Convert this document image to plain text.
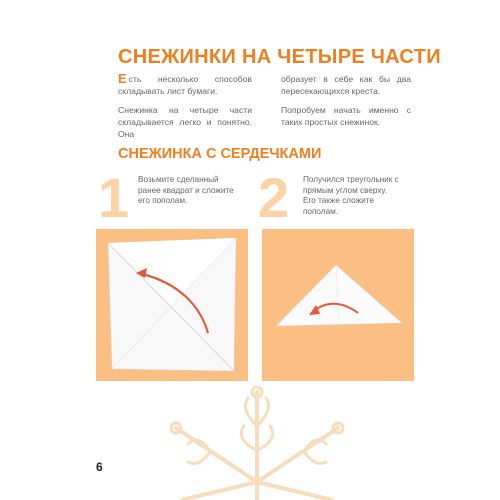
СНЕЖИНКИ НА ЧЕТЫРЕ ЧАСТИ

Есть несколько способов складывать лист бумаги.

Снежинка на четыре части складывается легко и понятно. Она

образует в себе как бы два пересекающихся креста.

Попробуем начать именно с таких простых снежинок.

СНЕЖИНКА С СЕРДЕЧКАМИ
1 Возьмите сделанный ранее квадрат и сложите его пополам.	2 Получился треугольник с прямым углом сверху. Его также сложите пополам.
6
